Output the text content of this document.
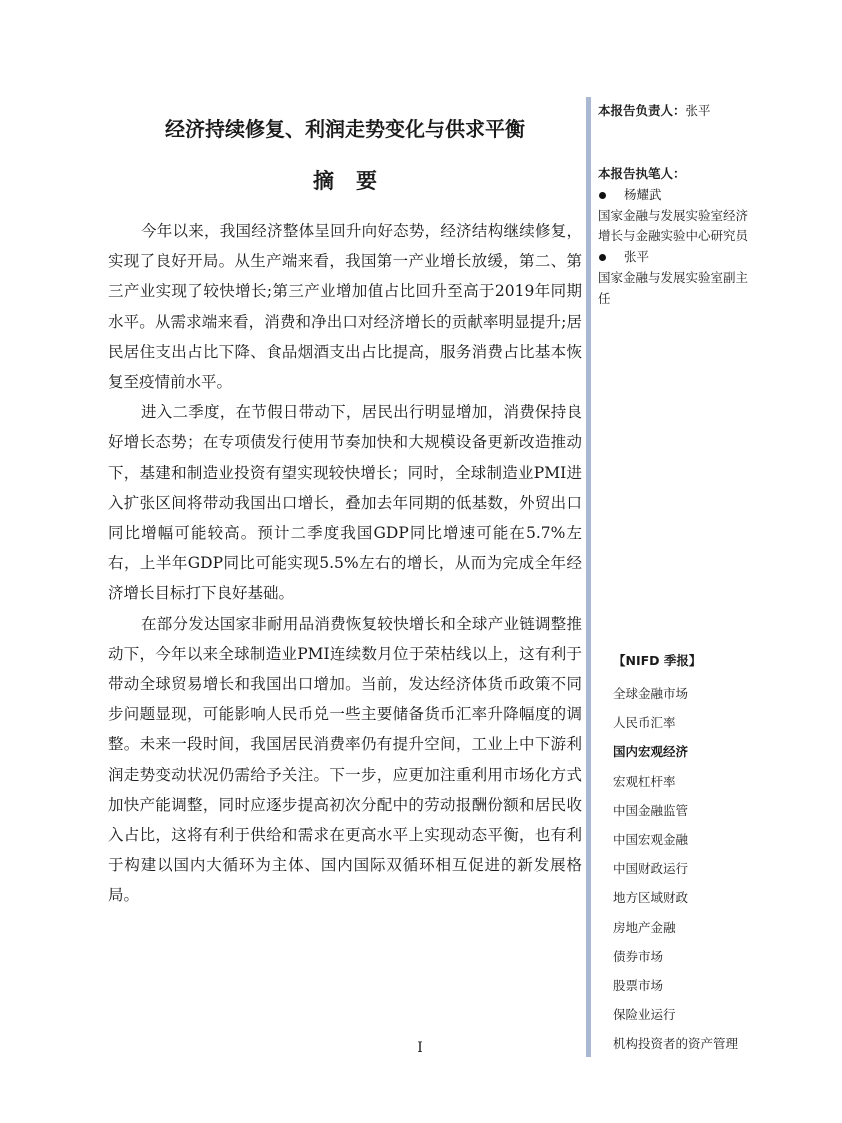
经济持续修复、利润走势变化与供求平衡
摘要

今年以来，我国经济整体呈回升向好态势，经济结构继续修复，实现了良好开局。从生产端来看，我国第一产业增长放缓，第二、第三产业实现了较快增长;第三产业增加值占比回升至高于2019年同期水平。从需求端来看，消费和净出口对经济增长的贡献率明显提升;居民居住支出占比下降、食品烟酒支出占比提高，服务消费占比基本恢复至疫情前水平。

进入二季度，在节假日带动下，居民出行明显增加，消费保持良好增长态势；在专项债发行使用节奏加快和大规模设备更新改造推动下，基建和制造业投资有望实现较快增长；同时，全球制造业PMI进入扩张区间将带动我国出口增长，叠加去年同期的低基数，外贸出口同比增幅可能较高。预计二季度我国GDP同比增速可能在5.7%左右，上半年GDP同比可能实现5.5%左右的增长，从而为完成全年经济增长目标打下良好基础。

在部分发达国家非耐用品消费恢复较快增长和全球产业链调整推动下，今年以来全球制造业PMI连续数月位于荣枯线以上，这有利于带动全球贸易增长和我国出口增加。当前，发达经济体货币政策不同步问题显现，可能影响人民币兑一些主要储备货币汇率升降幅度的调整。未来一段时间，我国居民消费率仍有提升空间，工业上中下游利润走势变动状况仍需给予关注。下一步，应更加注重利用市场化方式加快产能调整，同时应逐步提高初次分配中的劳动报酬份额和居民收入占比，这将有利于供给和需求在更高水平上实现动态平衡，也有利于构建以国内大循环为主体、国内国际双循环相互促进的新发展格局。

本报告负责人：张平
本报告执笔人：
杨耀武
国家金融与发展实验室经济增长与金融实验中心研究员
张平
国家金融与发展实验室副主任
【NIFD 季报】
全球金融市场
人民币汇率
国内宏观经济
宏观杠杆率
中国金融监管
中国宏观金融
中国财政运行
地方区域财政
房地产金融
债券市场
股票市场
保险业运行
机构投资者的资产管理
I
